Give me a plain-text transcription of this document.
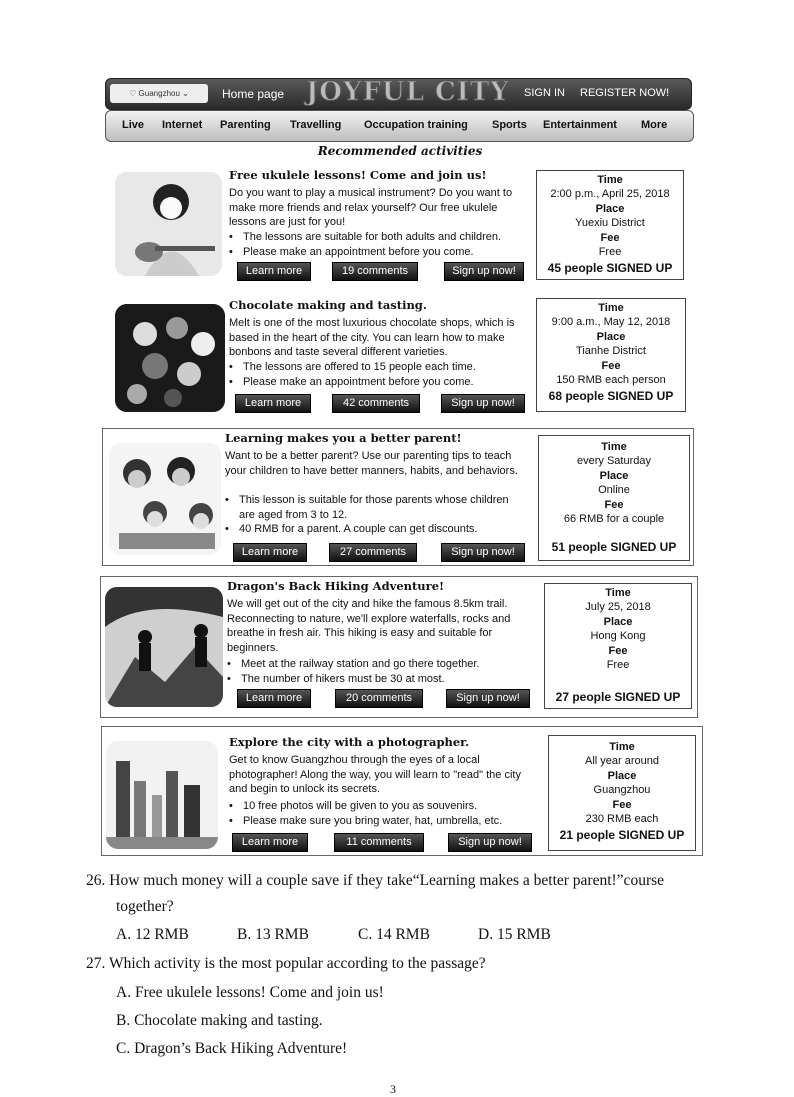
♡ Guangzhou ⌄	Home page JOYFUL CITY SIGN IN REGISTER NOW!
Live Internet Parenting Travelling Occupation training Sports Entertainment More
Recommended activities
Free ukulele lessons! Come and join us!
Do you want to play a musical instrument? Do you want to make more friends and relax yourself? Our free ukulele lessons are just for you!
• The lessons are suitable for both adults and children.
• Please make an appointment before you come.
Learn more	19 comments	Sign up now!
Time
2:00 p.m., April 25, 2018
Place
Yuexiu District
Fee
Free
45 people SIGNED UP
Chocolate making and tasting.
Melt is one of the most luxurious chocolate shops, which is based in the heart of the city. You can learn how to make bonbons and taste several different varieties.
• The lessons are offered to 15 people each time.
• Please make an appointment before you come.
Learn more	42 comments	Sign up now!
Time
9:00 a.m., May 12, 2018
Place
Tianhe District
Fee
150 RMB each person
68 people SIGNED UP
Learning makes you a better parent!
Want to be a better parent? Use our parenting tips to teach your children to have better manners, habits, and behaviors.
• This lesson is suitable for those parents whose children are aged from 3 to 12.
• 40 RMB for a parent. A couple can get discounts.
Learn more	27 comments	Sign up now!
Time
every Saturday
Place
Online
Fee
66 RMB for a couple
51 people SIGNED UP
Dragon's Back Hiking Adventure!
We will get out of the city and hike the famous 8.5km trail. Reconnecting to nature, we'll explore waterfalls, rocks and breathe in fresh air. This hiking is easy and suitable for beginners.
• Meet at the railway station and go there together.
• The number of hikers must be 30 at most.
Learn more	20 comments	Sign up now!
Time
July 25, 2018
Place
Hong Kong
Fee
Free
27 people SIGNED UP
Explore the city with a photographer.
Get to know Guangzhou through the eyes of a local photographer! Along the way, you will learn to "read" the city and begin to unlock its secrets.
• 10 free photos will be given to you as souvenirs.
• Please make sure you bring water, hat, umbrella, etc.
Learn more	11 comments	Sign up now!
Time
All year around
Place
Guangzhou
Fee
230 RMB each
21 people SIGNED UP
26. How much money will a couple save if they take“Learning makes a better parent!”course
together?
A. 12 RMB	B. 13 RMB	C. 14 RMB	D. 15 RMB
27. Which activity is the most popular according to the passage?
A. Free ukulele lessons! Come and join us!
B. Chocolate making and tasting.
C. Dragon’s Back Hiking Adventure!
3
